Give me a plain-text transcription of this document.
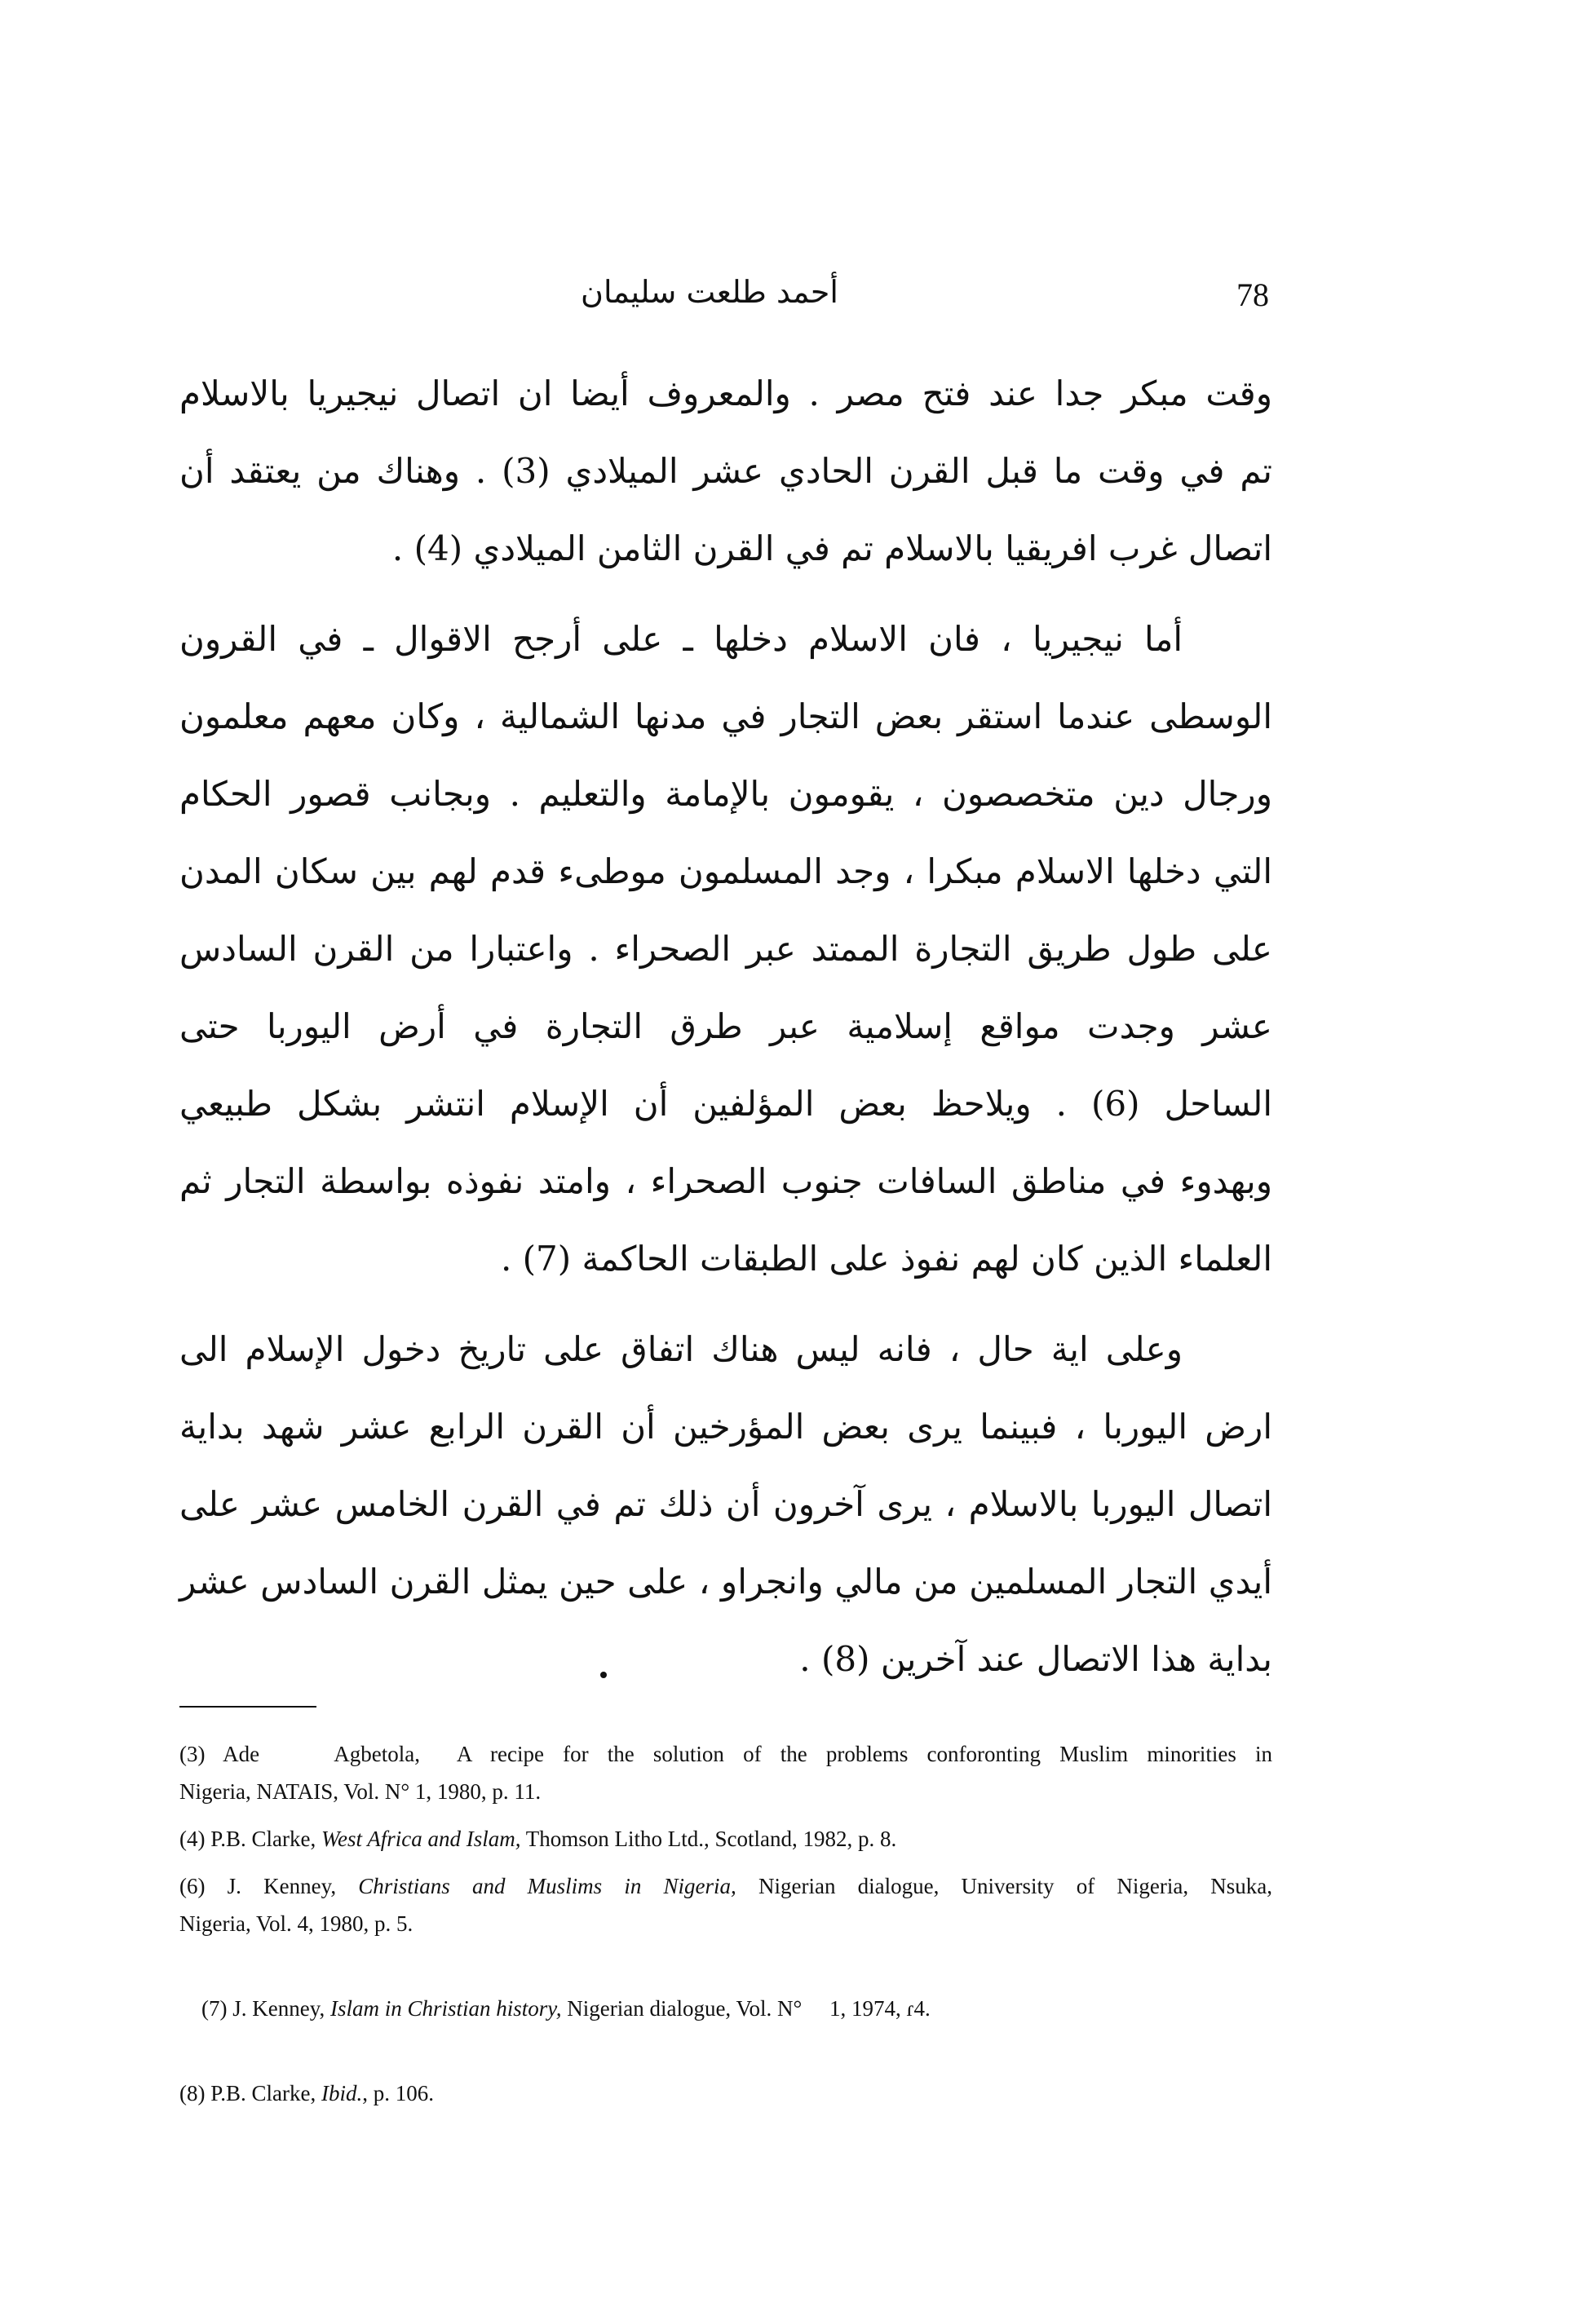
78
أحمد طلعت سليمان

وقت مبكر جدا عند فتح مصر . والمعروف أيضا ان اتصال نيجيريا بالاسلام
تم في وقت ما قبل القرن الحادي عشر الميلادي (3) . وهناك من يعتقد أن
اتصال غرب افريقيا بالاسلام تم في القرن الثامن الميلادي (4) .

أما نيجيريا ، فان الاسلام دخلها ـ على أرجح الاقوال ـ في القرون
الوسطى عندما استقر بعض التجار في مدنها الشمالية ، وكان معهم معلمون
ورجال دين متخصصون ، يقومون بالإمامة والتعليم . وبجانب قصور الحكام
التي دخلها الاسلام مبكرا ، وجد المسلمون موطىء قدم لهم بين سكان المدن
على طول طريق التجارة الممتد عبر الصحراء . واعتبارا من القرن السادس
عشر وجدت مواقع إسلامية عبر طرق التجارة في أرض اليوربا حتى
الساحل (6) . ويلاحظ بعض المؤلفين أن الإسلام انتشر بشكل طبيعي
وبهدوء في مناطق السافات جنوب الصحراء ، وامتد نفوذه بواسطة التجار ثم
العلماء الذين كان لهم نفوذ على الطبقات الحاكمة (7) .

وعلى اية حال ، فانه ليس هناك اتفاق على تاريخ دخول الإسلام الى
ارض اليوربا ، فبينما يرى بعض المؤرخين أن القرن الرابع عشر شهد بداية
اتصال اليوربا بالاسلام ، يرى آخرون أن ذلك تم في القرن الخامس عشر على
أيدي التجار المسلمين من مالي وانجراو ، على حين يمثل القرن السادس عشر
بداية هذا الاتصال عند آخرين (8) .

(3) Ade    Agbetola,  A recipe for the solution of the problems conforonting Muslim minorities in
Nigeria, NATAIS, Vol. N° 1, 1980, p. 11.
(4) P.B. Clarke, West Africa and Islam, Thomson Litho Ltd., Scotland, 1982, p. 8.
(6) J. Kenney, Christians and Muslims in Nigeria, Nigerian dialogue, University of Nigeria, Nsuka,
Nigeria, Vol. 4, 1980, p. 5.

(7) J. Kenney, Islam in Christian history, Nigerian dialogue, Vol. N°     1, 1974, ɾ4.

(8) P.B. Clarke, Ibid., p. 106.
